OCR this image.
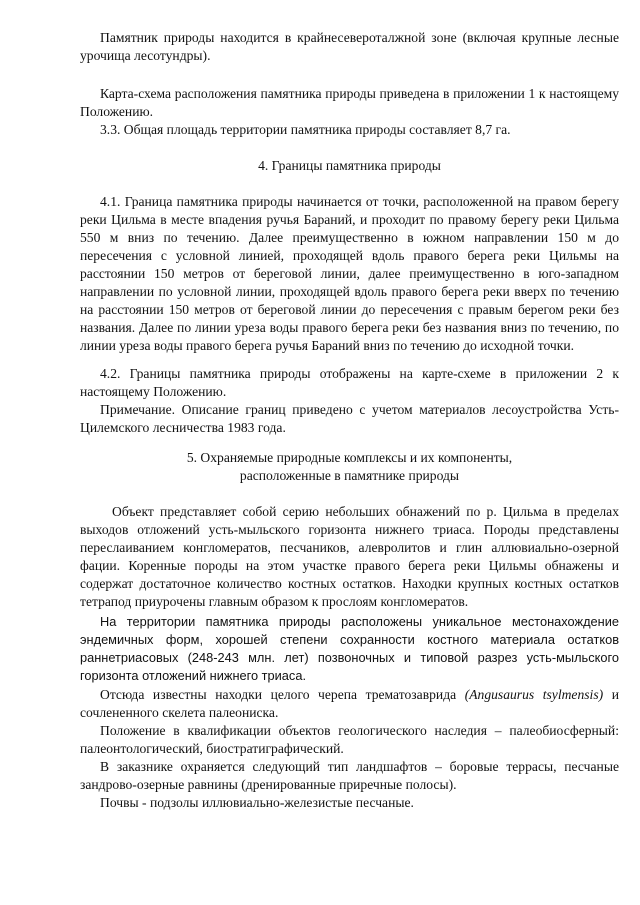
Памятник природы находится в крайнесевероталжной зоне (включая крупные лесные урочища лесотундры).

Карта-схема расположения памятника природы приведена в приложении 1 к настоящему Положению.

3.3. Общая площадь территории памятника природы составляет 8,7 га.

4. Границы памятника природы

4.1. Граница памятника природы начинается от точки, расположенной на правом берегу реки Цильма в месте впадения ручья Бараний, и проходит по правому берегу реки Цильма 550 м вниз по течению. Далее преимущественно в южном направлении 150 м до пересечения с условной линией, проходящей вдоль правого берега реки Цильмы на расстоянии 150 метров от береговой линии, далее преимущественно в юго-западном направлении по условной линии, проходящей вдоль правого берега реки вверх по течению на расстоянии 150 метров от береговой линии до пересечения с правым берегом реки без названия. Далее по линии уреза воды правого берега реки без названия вниз по течению, по линии уреза воды правого берега ручья Бараний вниз по течению до исходной точки.

4.2. Границы памятника природы отображены на карте-схеме в приложении 2 к настоящему Положению.

Примечание. Описание границ приведено с учетом материалов лесоустройства Усть-Цилемского лесничества 1983 года.

5. Охраняемые природные комплексы и их компоненты,

расположенные в памятнике природы

Объект представляет собой серию небольших обнажений по р. Цильма в пределах выходов отложений усть-мыльского горизонта нижнего триаса. Породы представлены переслаиванием конгломератов, песчаников, алевролитов и глин аллювиально-озерной фации. Коренные породы на этом участке правого берега реки Цильмы обнажены и содержат достаточное количество костных остатков. Находки крупных костных остатков тетрапод приурочены главным образом к прослоям конгломератов.

На территории памятника природы расположены уникальное местонахождение эндемичных форм, хорошей степени сохранности костного материала остатков раннетриасовых (248-243 млн. лет) позвоночных и типовой разрез усть-мыльского горизонта отложений нижнего триаса.

Отсюда известны находки целого черепа трематозаврида (Angusaurus tsylmensis) и сочлененного скелета палеониска.

Положение в квалификации объектов геологического наследия – палеобиосферный: палеонтологический, биостратиграфический.

В заказнике охраняется следующий тип ландшафтов – боровые террасы, песчаные зандрово-озерные равнины (дренированные приречные полосы).

Почвы - подзолы иллювиально-железистые песчаные.
